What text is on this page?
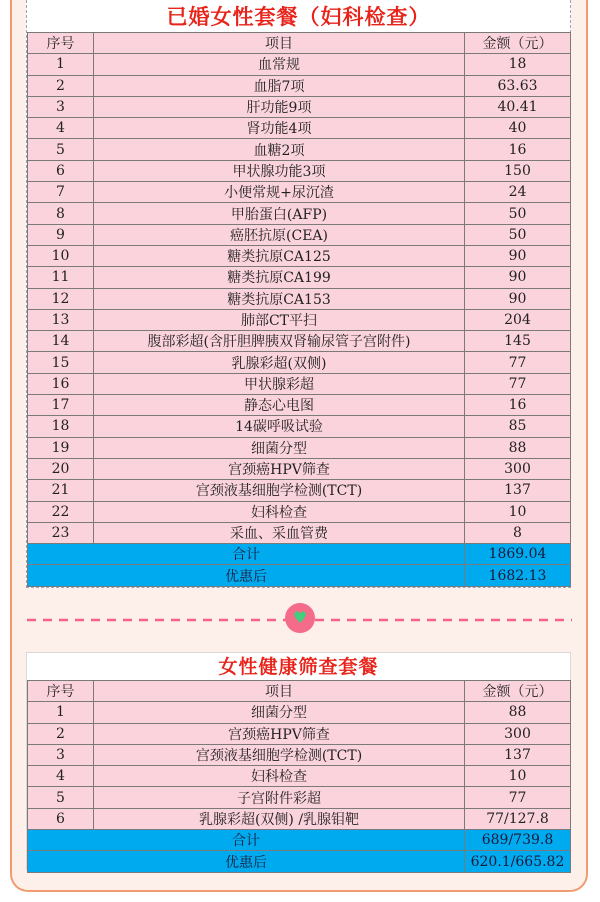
已婚女性套餐（妇科检查）
序号	项目	金额（元）
1	血常规	18
2	血脂7项	63.63
3	肝功能9项	40.41
4	肾功能4项	40
5	血糖2项	16
6	甲状腺功能3项	150
7	小便常规+尿沉渣	24
8	甲胎蛋白(AFP)	50
9	癌胚抗原(CEA)	50
10	糖类抗原CA125	90
11	糖类抗原CA199	90
12	糖类抗原CA153	90
13	肺部CT平扫	204
14	腹部彩超(含肝胆脾胰双肾输尿管子宫附件)	145
15	乳腺彩超(双侧)	77
16	甲状腺彩超	77
17	静态心电图	16
18	14碳呼吸试验	85
19	细菌分型	88
20	宫颈癌HPV筛查	300
21	宫颈液基细胞学检测(TCT)	137
22	妇科检查	10
23	采血、采血管费	8
合计		1869.04
优惠后		1682.13
♥
女性健康筛查套餐
序号	项目	金额（元）
1	细菌分型	88
2	宫颈癌HPV筛查	300
3	宫颈液基细胞学检测(TCT)	137
4	妇科检查	10
5	子宫附件彩超	77
6	乳腺彩超(双侧) /乳腺钼靶	77/127.8
合计		689/739.8
优惠后		620.1/665.82
